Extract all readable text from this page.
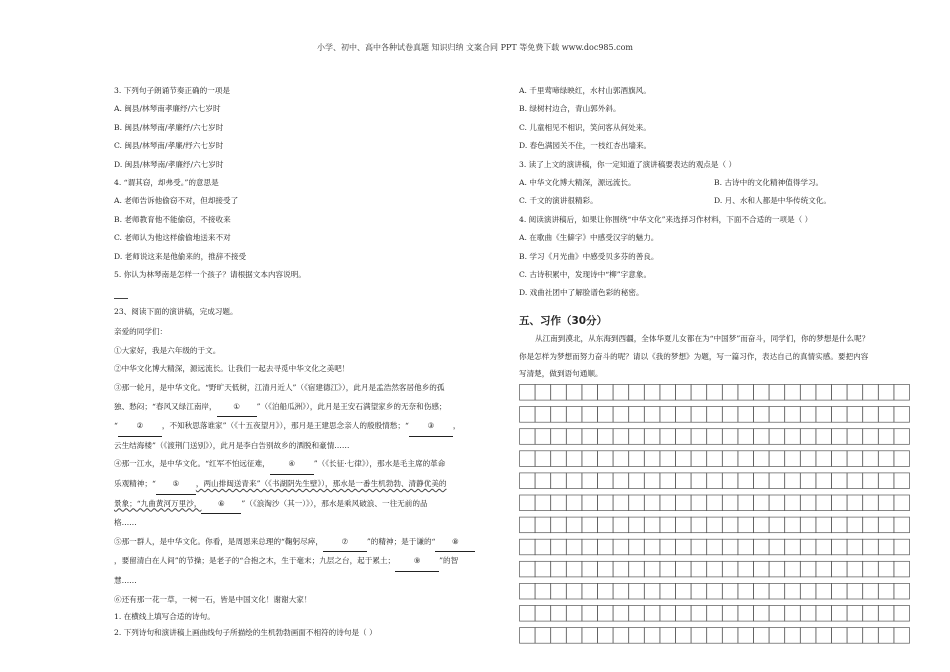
小学、初中、高中各种试卷真题 知识归纳 文案合同 PPT 等免费下载 www.doc985.com

3. 下列句子朗诵节奏正确的一项是

A. 闽县/林琴南孝廉纾/六七岁时

B. 闽县/林琴南/孝廉纾/六七岁时

C. 闽县/林琴南/孝廉/纾六七岁时

D. 闽县/林琴南/孝廉纾/六七岁时

4. “谓其窃，却弗受。”的意思是

A. 老师告诉他偷窃不对，但却接受了

B. 老师教育他不能偷窃，不接收来

C. 老师认为他这样偷偷地送来不对

D. 老师说这来是他偷来的，推辞不接受

5. 你认为林琴南是怎样一个孩子？请根据文本内容说明。

23、阅读下面的演讲稿，完成习题。

亲爱的同学们：

①大家好，我是六年级的于文。

②中华文化博大精深，源远流长。让我们一起去寻觅中华文化之美吧！

③那一轮月，是中华文化。“野旷天低树，江清月近人”（《宿建德江》），此月是孟浩然客居他乡的孤

独、愁闷；“春风又绿江南岸， ① ”（《泊船瓜洲》），此月是王安石满望家乡的无奈和伤感；

“ ② ，不知秋思落谁家”（《十五夜望月》），那月是王建思念亲人的殷殷情愁；“ ③ ，

云生结海楼”（《渡荆门送别》），此月是李白告别故乡的洒脱和豪情……

④那一江水，是中华文化。“红军不怕远征难， ④ ”（《长征·七律》），那水是毛主席的革命

乐观精神；“ ⑤ ，两山排闼送青来”（《书湖阴先生壁》），那水是一番生机勃勃、清静优美的

景象；“九曲黄河万里沙， ⑥ ”（《浪淘沙（其一）》），那水是乘风破浪、一往无前的品

格……

⑤那一群人，是中华文化。你看，是周恩来总理的“鞠躬尽瘁， ⑦ ”的精神；是于谦的“ ⑧

，要留清白在人间”的节操；是老子的“合抱之木，生于毫末；九层之台，起于累土； ⑨ ”的智

慧……

⑥还有那一花一草，一树一石，皆是中国文化！谢谢大家！

1. 在横线上填写合适的诗句。

2. 下列诗句和演讲稿上画曲线句子所描绘的生机勃勃画面不相符的诗句是（ ）

A. 千里莺啼绿映红，水村山郭酒旗风。

B. 绿树村边合，青山郭外斜。

C. 儿童相见不相识，笑问客从何处来。

D. 春色满园关不住，一枝红杏出墙来。

3. 读了上文的演讲稿，你一定知道了演讲稿要表达的观点是（ ）

A. 中华文化博大精深，源远流长。	B. 古诗中的文化精神值得学习。

C. 千文的演讲很精彩。	D. 月、水和人都是中华传统文化。

4. 阅读演讲稿后，如果让你围绕“中华文化”来选择习作材料，下面不合适的一项是（ ）

A. 在歌曲《生僻字》中感受汉字的魅力。

B. 学习《月光曲》中感受贝多芬的善良。

C. 古诗积累中，发现诗中“柳”字意象。

D. 戏曲社团中了解脸谱色彩的秘密。

五、习作（30分）

从江南到漠北，从东海到西疆，全体华夏儿女都在为“中国梦”而奋斗，同学们，你的梦想是什么呢？

你是怎样为梦想而努力奋斗的呢？请以《我的梦想》为题，写一篇习作，表达自己的真情实感。要把内容

写清楚，做到语句通顺。
